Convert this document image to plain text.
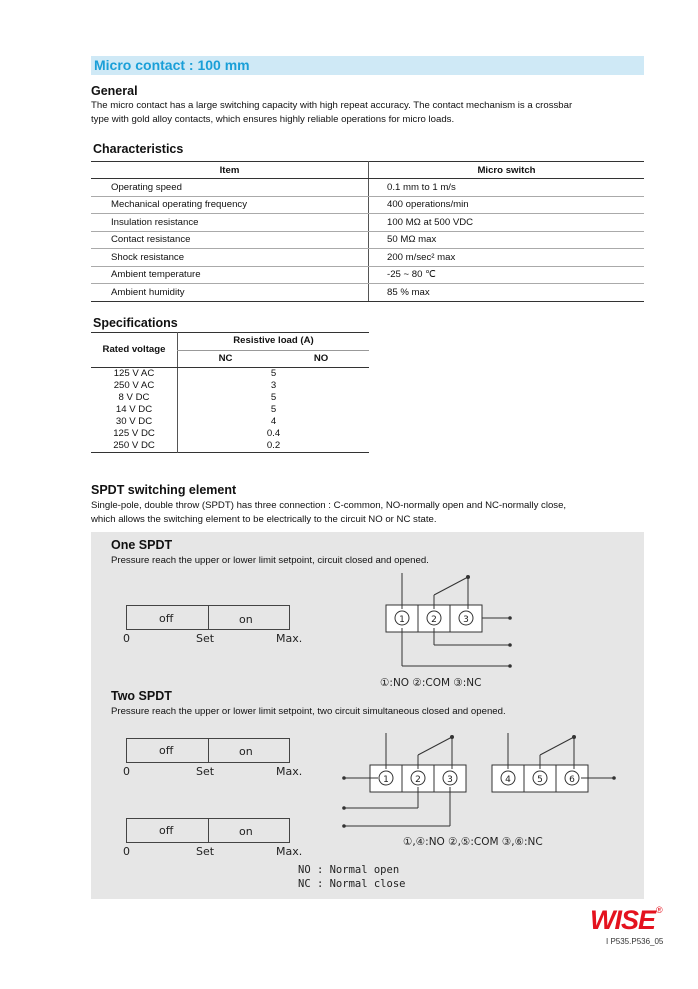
Micro contact : 100 mm
General
The micro contact has a large switching capacity with high repeat accuracy. The contact mechanism is a crossbar
type with gold alloy contacts, which ensures highly reliable operations for micro loads.
Characteristics
Item	Micro switch
Operating speed	0.1 mm to 1 m/s
Mechanical operating frequency	400 operations/min
Insulation resistance	100 MΩ at 500 VDC
Contact resistance	50 MΩ max
Shock resistance	200 m/sec² max
Ambient temperature	-25 ~ 80 ℃
Ambient humidity	85 % max
Specifications
Rated voltage	Resistive load (A)	
	NC	NO
125 V AC	5	
250 V AC	3	
8 V DC	5	
14 V DC	5	
30 V DC	4	
125 V DC	0.4	
250 V DC	0.2	
SPDT switching element
Single-pole, double throw (SPDT) has three connection : C-common, NO-normally open and NC-normally close,
which allows the switching element to be electrically to the circuit NO or NC state.
One SPDT
Pressure reach the upper or lower limit setpoint, circuit closed and opened.
off	on
0	Set	Max.
1	2	3
①:NO ②:COM ③:NC
Two SPDT
Pressure reach the upper or lower limit setpoint, two circuit simultaneous closed and opened.
off	on
0	Set	Max.
off	on
0	Set	Max.
1	2	3	4	5	6
①,④:NO ②,⑤:COM ③,⑥:NC
NO : Normal open
NC : Normal close
WISE ®
I P535.P536_05
